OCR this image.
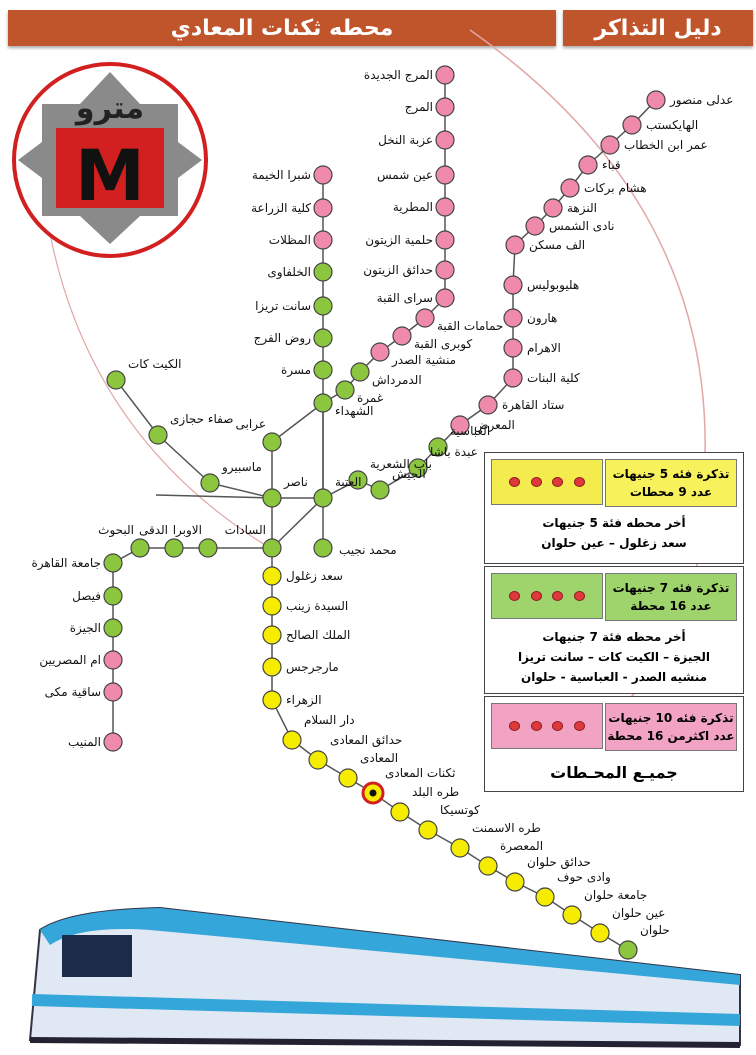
محطه ثكنات المعادي	دليل التذاكر
M
مترو
المرج الجديدة
المرج
عزبة النخل
عين شمس
المطرية
حلمية الزيتون
حدائق الزيتون
سراى القبة
حمامات القبة
كوبرى القبة
منشية الصدر
الدمرداش
غمرة
الشهداء
عدلى منصور
الهايكستب
عمر ابن الخطاب
قباء
هشام بركات
النزهة
نادى الشمس
الف مسكن
هليوبوليس
هارون
الاهرام
كلية البنات
ستاد القاهرة
المعرض
العباسية
عبدة باشا
الجيش
باب الشعرية
العتبة
ناصر
ماسبيرو
صفاء حجازى
الكيت كات
شبرا الخيمة
كلية الزراعة
المظلات
الخلفاوى
سانت تريزا
روض الفرج
مسرة
عرابى
السادات
الاوبرا
الدقى
البحوث
جامعة القاهرة
فيصل
الجيزة
ام المصريين
ساقية مكى
المنيب
محمد نجيب
سعد زغلول
السيدة زينب
الملك الصالح
مارجرجس
الزهراء
دار السلام
حدائق المعادى
المعادى
ثكنات المعادى
طره البلد
كوتسيكا
طره الاسمنت
المعصرة
حدائق حلوان
وادى حوف
جامعة حلوان
عين حلوان
حلوان
تذكرة فئه 5 جنيهات
عدد 9 محطات
أخر محطه فئة 5 جنيهات
سعد زغلول – عين حلوان
تذكرة فئه 7 جنيهات
عدد 16 محطة
أخر محطه فئة 7 جنيهات
الجيزة – الكيت كات – سانت تريزا
منشيه الصدر - العباسية - حلوان
تذكرة فئه 10 جنيهات
عدد اكثرمن 16 محطة
جميـع المحـطات
